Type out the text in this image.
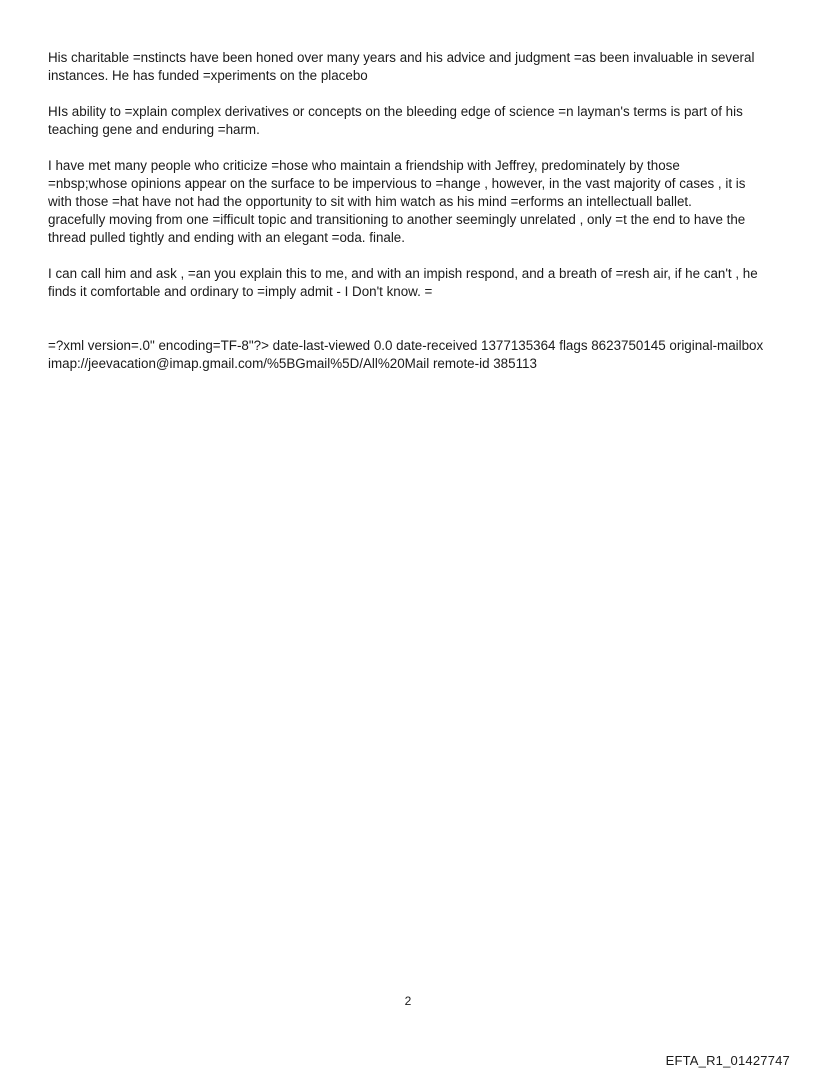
His charitable =nstincts have been honed over many years and his advice and judgment =as been invaluable in several
instances. He has funded =xperiments on the placebo

HIs ability to =xplain complex derivatives or concepts on the bleeding edge of science =n layman's terms is part of his
teaching gene and enduring =harm.

I have met many people who criticize =hose who maintain a friendship with Jeffrey, predominately by those
=nbsp;whose opinions appear on the surface to be impervious to =hange , however, in the vast majority of cases , it is
with those =hat have not had the opportunity to sit with him watch as his mind =erforms an intellectuall ballet.
gracefully moving from one =ifficult topic and transitioning to another seemingly unrelated , only =t the end to have the
thread pulled tightly and ending with an elegant =oda. finale.

I can call him and ask , =an you explain this to me, and with an impish respond, and a breath of =resh air, if he can't , he
finds it comfortable and ordinary to =imply admit - I Don't know. =

=?xml version=.0" encoding=TF-8"?> date-last-viewed 0.0 date-received 1377135364 flags 8623750145 original-mailbox
imap://jeevacation@imap.gmail.com/%5BGmail%5D/All%20Mail remote-id 385113

2
EFTA_R1_01427747
